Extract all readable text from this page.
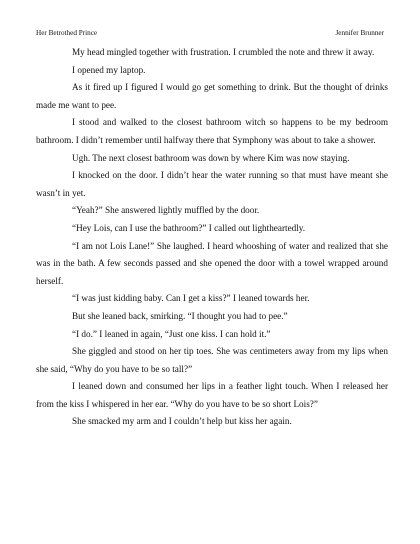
Her Betrothed Prince	Jennifer Brunner

My head mingled together with frustration. I crumbled the note and threw it away.

I opened my laptop.

As it fired up I figured I would go get something to drink. But the thought of drinks made me want to pee.

I stood and walked to the closest bathroom witch so happens to be my bedroom bathroom. I didn’t remember until halfway there that Symphony was about to take a shower.

Ugh. The next closest bathroom was down by where Kim was now staying.

I knocked on the door. I didn’t hear the water running so that must have meant she wasn’t in yet.

“Yeah?” She answered lightly muffled by the door.

“Hey Lois, can I use the bathroom?” I called out lightheartedly.

“I am not Lois Lane!” She laughed. I heard whooshing of water and realized that she was in the bath. A few seconds passed and she opened the door with a towel wrapped around herself.

“I was just kidding baby. Can I get a kiss?” I leaned towards her.

But she leaned back, smirking. “I thought you had to pee.”

“I do.” I leaned in again, “Just one kiss. I can hold it.”

She giggled and stood on her tip toes. She was centimeters away from my lips when she said, “Why do you have to be so tall?”

I leaned down and consumed her lips in a feather light touch. When I released her from the kiss I whispered in her ear. “Why do you have to be so short Lois?”

She smacked my arm and I couldn’t help but kiss her again.
